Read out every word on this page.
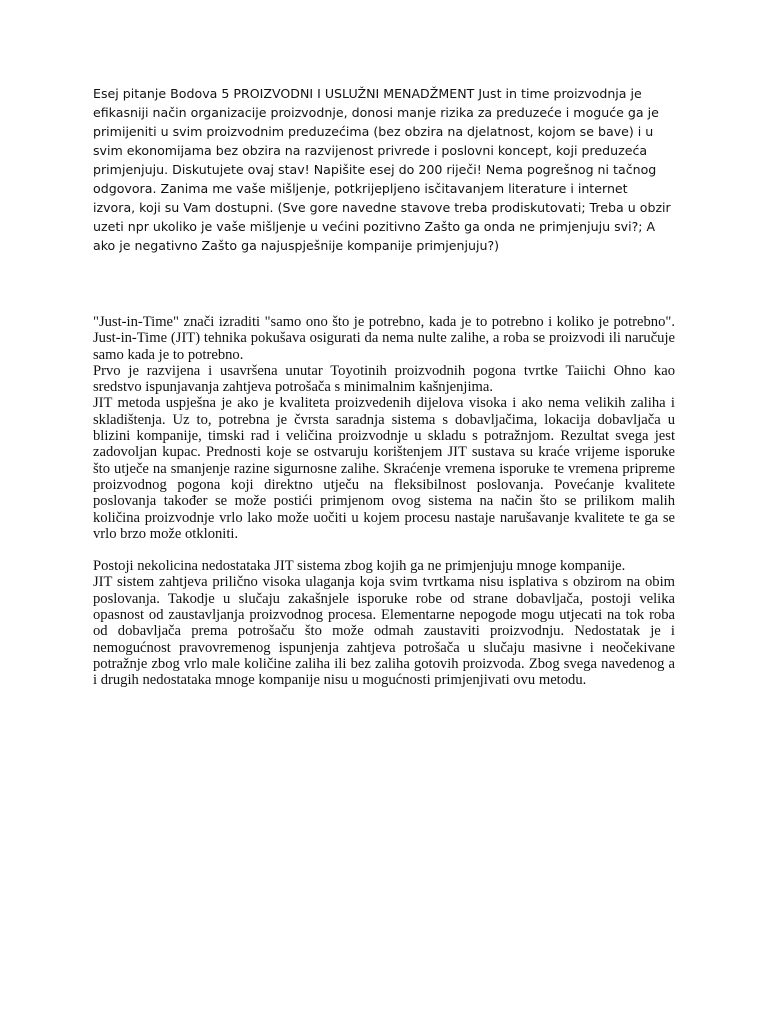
Esej pitanje Bodova 5 PROIZVODNI I USLUŽNI MENADŽMENT Just in time proizvodnja je efikasniji način organizacije proizvodnje, donosi manje rizika za preduzeće i moguće ga je primijeniti u svim proizvodnim preduzećima (bez obzira na djelatnost, kojom se bave) i u svim ekonomijama bez obzira na razvijenost privrede i poslovni koncept, koji preduzeća primjenjuju. Diskutujete ovaj stav! Napišite esej do 200 riječi! Nema pogrešnog ni tačnog odgovora. Zanima me vaše mišljenje, potkrijepljeno isčitavanjem literature i internet izvora, koji su Vam dostupni. (Sve gore navedne stavove treba prodiskutovati; Treba u obzir uzeti npr ukoliko je vaše mišljenje u većini pozitivno Zašto ga onda ne primjenjuju svi?; A ako je negativno Zašto ga najuspješnije kompanije primjenjuju?)

"Just-in-Time" znači izraditi "samo ono što je potrebno, kada je to potrebno i koliko je potrebno". Just-in-Time (JIT) tehnika pokušava osigurati da nema nulte zalihe, a roba se proizvodi ili naručuje samo kada je to potrebno.

Prvo je razvijena i usavršena unutar Toyotinih proizvodnih pogona tvrtke Taiichi Ohno kao sredstvo ispunjavanja zahtjeva potrošača s minimalnim kašnjenjima.

JIT metoda uspješna je ako je kvaliteta proizvedenih dijelova visoka i ako nema velikih zaliha i skladištenja. Uz to, potrebna je čvrsta saradnja sistema s dobavljačima, lokacija dobavljača u blizini kompanije, timski rad i veličina proizvodnje u skladu s potražnjom. Rezultat svega jest zadovoljan kupac. Prednosti koje se ostvaruju korištenjem JIT sustava su kraće vrijeme isporuke što utječe na smanjenje razine sigurnosne zalihe. Skraćenje vremena isporuke te vremena pripreme proizvodnog pogona koji direktno utječu na fleksibilnost poslovanja. Povećanje kvalitete poslovanja također se može postići primjenom ovog sistema na način što se prilikom malih količina proizvodnje vrlo lako može uočiti u kojem procesu nastaje narušavanje kvalitete te ga se vrlo brzo može otkloniti.

Postoji nekolicina nedostataka JIT sistema zbog kojih ga ne primjenjuju mnoge kompanije.

JIT sistem zahtjeva prilično visoka ulaganja koja svim tvrtkama nisu isplativa s obzirom na obim poslovanja. Takodje u slučaju zakašnjele isporuke robe od strane dobavljača, postoji velika opasnost od zaustavljanja proizvodnog procesa. Elementarne nepogode mogu utjecati na tok roba od dobavljača prema potrošaču što može odmah zaustaviti proizvodnju. Nedostatak je i nemogućnost pravovremenog ispunjenja zahtjeva potrošača u slučaju masivne i neočekivane potražnje zbog vrlo male količine zaliha ili bez zaliha gotovih proizvoda. Zbog svega navedenog a i drugih nedostataka mnoge kompanije nisu u mogućnosti primjenjivati ovu metodu.
